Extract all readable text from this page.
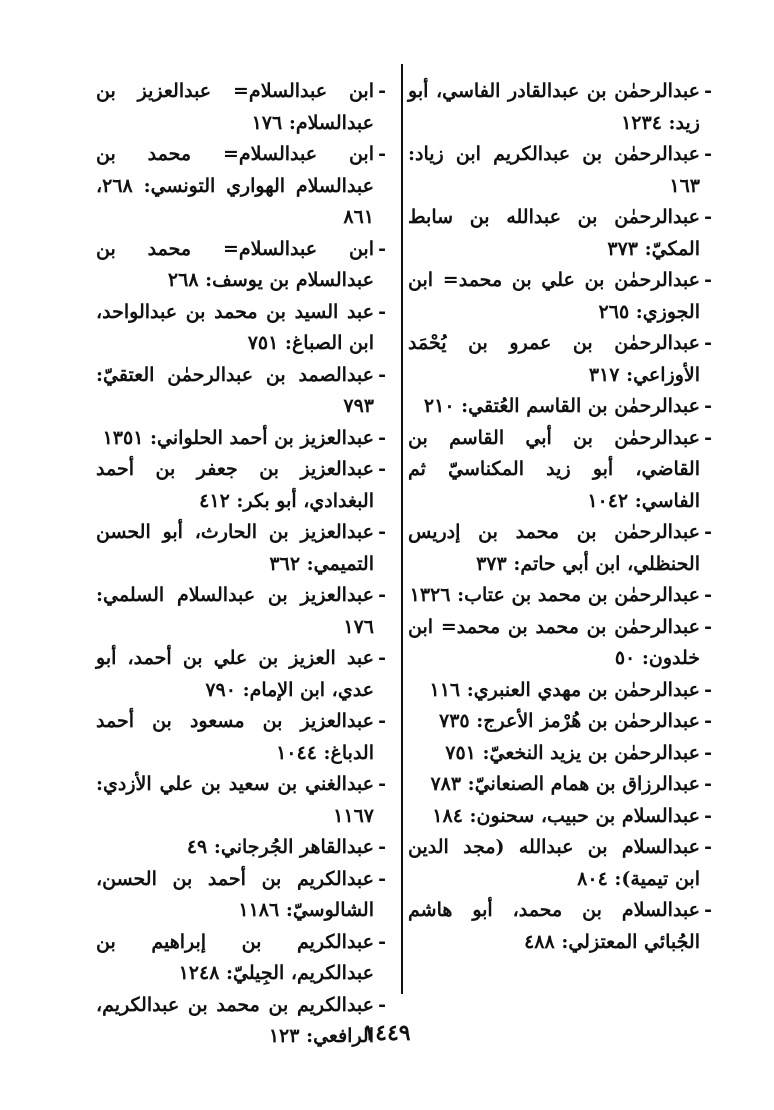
- عبدالرحمٰن بن عبدالقادر الفاسي، أبو زيد: ١٢٣٤

- عبدالرحمٰن بن عبدالكريم ابن زياد: ١٦٣

- عبدالرحمٰن بن عبدالله بن سابط المكيّ: ٣٧٣

- عبدالرحمٰن بن علي بن محمد= ابن الجوزي: ٢٦٥

- عبدالرحمٰن بن عمرو بن يُحْمَد الأوزاعي: ٣١٧

- عبدالرحمٰن بن القاسم العُتقي: ٢١٠

- عبدالرحمٰن بن أبي القاسم بن القاضي، أبو زيد المكناسيّ ثم الفاسي: ١٠٤٢

- عبدالرحمٰن بن محمد بن إدريس الحنظلي، ابن أبي حاتم: ٣٧٣

- عبدالرحمٰن بن محمد بن عتاب: ١٣٢٦

- عبدالرحمٰن بن محمد بن محمد= ابن خلدون: ٥٠

- عبدالرحمٰن بن مهدي العنبري: ١١٦

- عبدالرحمٰن بن هُرْمز الأعرج: ٧٣٥

- عبدالرحمٰن بن يزيد النخعيّ: ٧٥١

- عبدالرزاق بن همام الصنعانيّ: ٧٨٣

- عبدالسلام بن حبيب، سحنون: ١٨٤

- عبدالسلام بن عبدالله (مجد الدين ابن تيمية): ٨٠٤

- عبدالسلام بن محمد، أبو هاشم الجُبائي المعتزلي: ٤٨٨

- ابن عبدالسلام= عبدالعزيز بن عبدالسلام: ١٧٦

- ابن عبدالسلام= محمد بن عبدالسلام الهواري التونسي: ٢٦٨، ٨٦١

- ابن عبدالسلام= محمد بن عبدالسلام بن يوسف: ٢٦٨

- عبد السيد بن محمد بن عبدالواحد، ابن الصباغ: ٧٥١

- عبدالصمد بن عبدالرحمٰن العتقيّ: ٧٩٣

- عبدالعزيز بن أحمد الحلواني: ١٣٥١

- عبدالعزيز بن جعفر بن أحمد البغدادي، أبو بكر: ٤١٢

- عبدالعزيز بن الحارث، أبو الحسن التميمي: ٣٦٢

- عبدالعزيز بن عبدالسلام السلمي: ١٧٦

- عبد العزيز بن علي بن أحمد، أبو عدي، ابن الإمام: ٧٩٠

- عبدالعزيز بن مسعود بن أحمد الدباغ: ١٠٤٤

- عبدالغني بن سعيد بن علي الأزدي: ١١٦٧

- عبدالقاهر الجُرجاني: ٤٩

- عبدالكريم بن أحمد بن الحسن، الشالوسيّ: ١١٨٦

- عبدالكريم بن إبراهيم بن عبدالكريم، الجِيليّ: ١٢٤٨

- عبدالكريم بن محمد بن عبدالكريم، الرافعي: ١٢٣

١٤٤٩
